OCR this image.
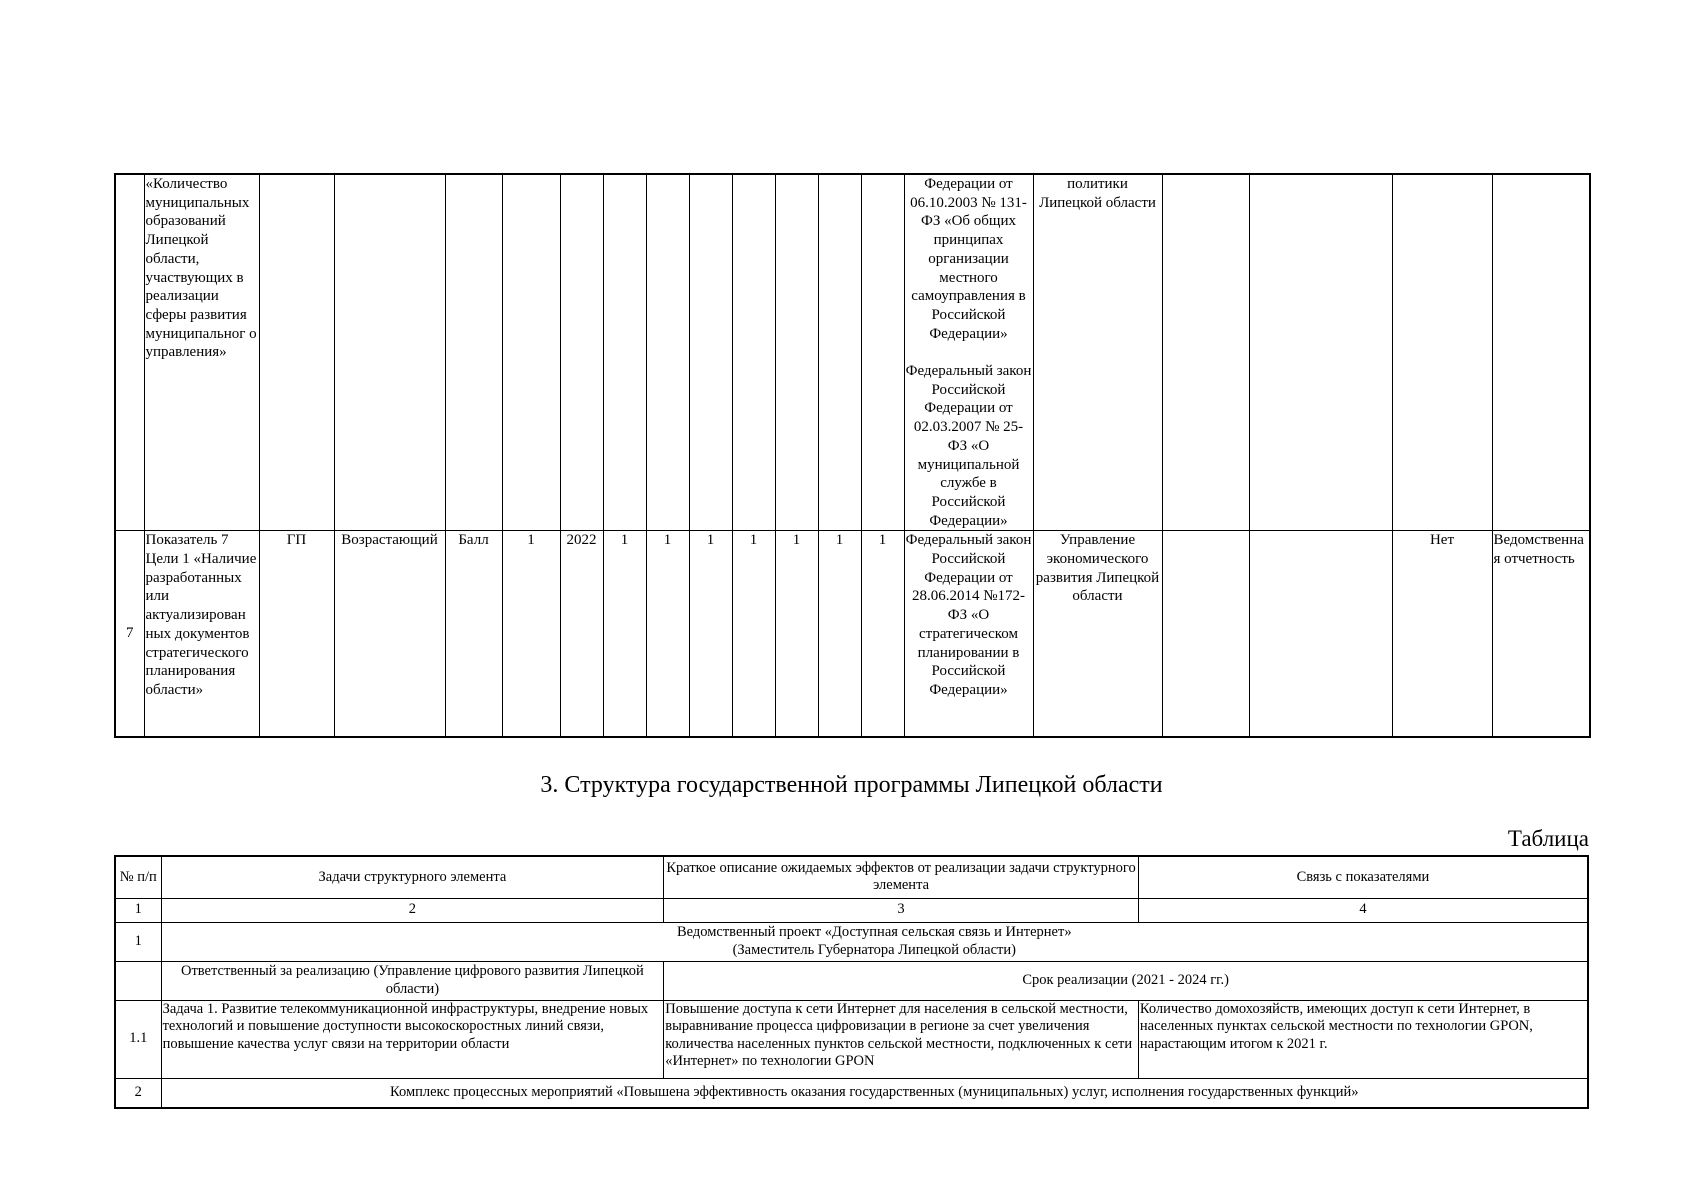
	«Количество муниципальных образований Липецкой области, участвующих в реализации сферы развития муниципальног о управления»													Федерации от 06.10.2003 № 131-ФЗ «Об общих принципах организации местного самоуправления в Российской Федерации»

Федеральный закон Российской Федерации от 02.03.2007 № 25-ФЗ «О муниципальной службе в Российской Федерации»	политики Липецкой области				
7	Показатель 7 Цели 1 «Наличие разработанных или актуализирован ных документов стратегического планирования области»	ГП	Возрастающий	Балл	1	2022	1	1	1	1	1	1	1	Федеральный закон Российской Федерации от 28.06.2014 №172-ФЗ «О стратегическом планировании в Российской Федерации»	Управление экономического развития Липецкой области			Нет	Ведомственная отчетность
3. Структура государственной программы Липецкой области
Таблица
№ п/п	Задачи структурного элемента	Краткое описание ожидаемых эффектов от реализации задачи структурного элемента	Связь с показателями
1	2	3	4
1	Ведомственный проект «Доступная сельская связь и Интернет»
(Заместитель Губернатора Липецкой области)		
	Ответственный за реализацию (Управление цифрового развития Липецкой области)	Срок реализации (2021 - 2024 гг.)	
1.1	Задача 1. Развитие телекоммуникационной инфраструктуры, внедрение новых технологий и повышение доступности высокоскоростных линий связи, повышение качества услуг связи на территории области	Повышение доступа к сети Интернет для населения в сельской местности, выравнивание процесса цифровизации в регионе за счет увеличения количества населенных пунктов сельской местности, подключенных к сети «Интернет» по технологии GPON	Количество домохозяйств, имеющих доступ к сети Интернет, в населенных пунктах сельской местности по технологии GPON, нарастающим итогом к 2021 г.
2	Комплекс процессных мероприятий «Повышена эффективность оказания государственных (муниципальных) услуг, исполнения государственных функций»		
